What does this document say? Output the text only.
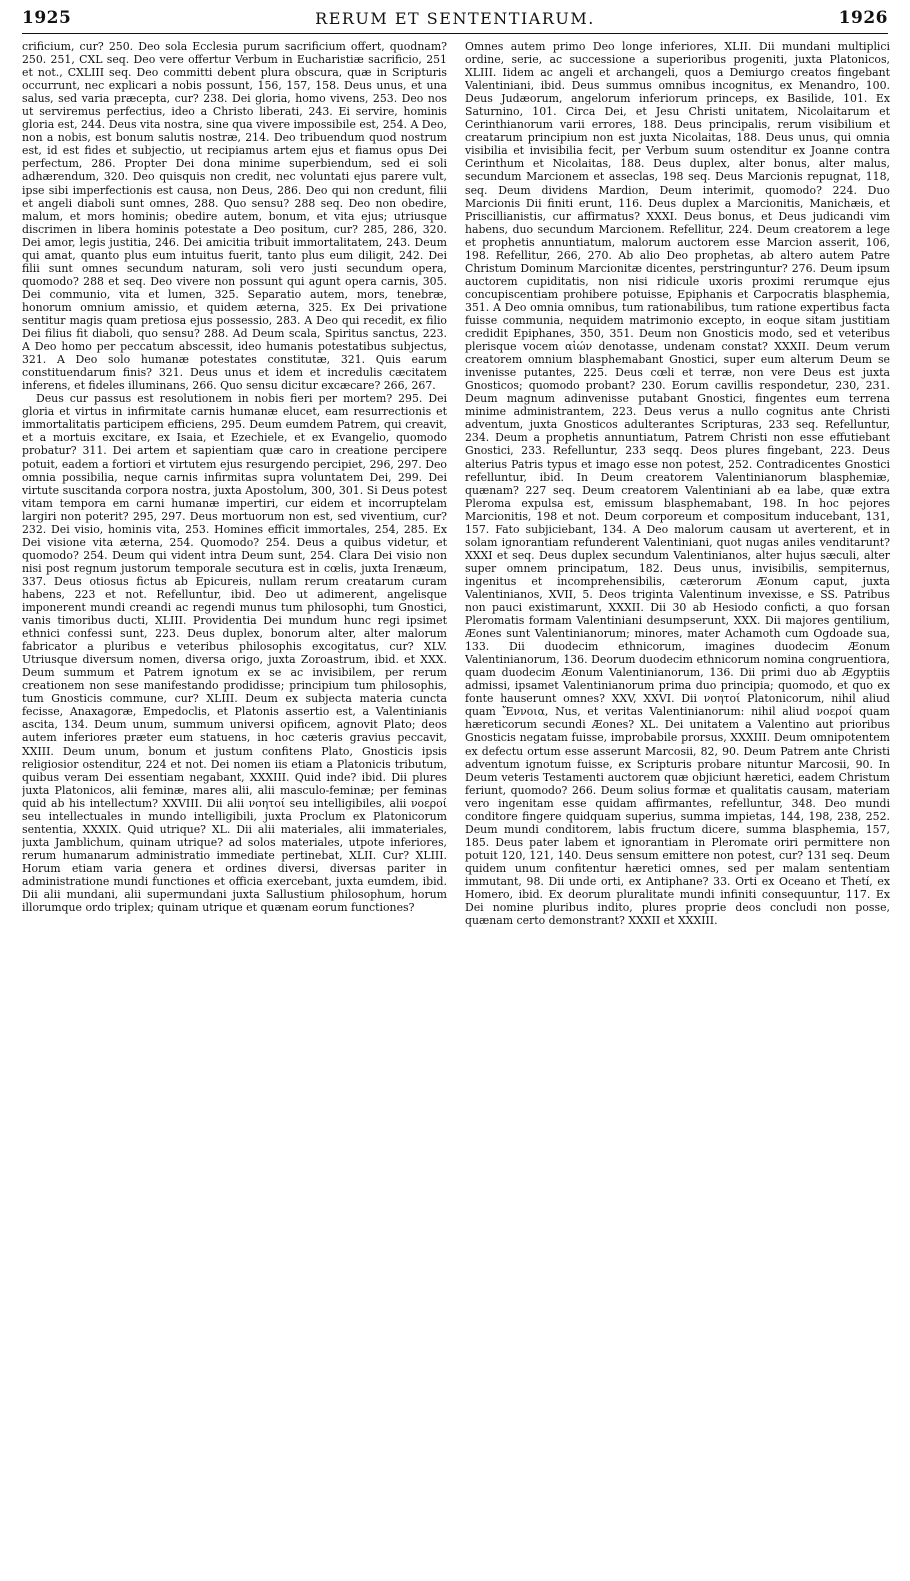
1925	RERUM ET SENTENTIARUM.	1926

crificium, cur? 250. Deo sola Ecclesia purum sacrificium offert, quodnam? 250. 251, CXL seq. Deo vere offertur Verbum in Eucharistiæ sacrificio, 251 et not., CXLIII seq. Deo committi debent plura obscura, quæ in Scripturis occurrunt, nec explicari a nobis possunt, 156, 157, 158. Deus unus, et una salus, sed varia præcepta, cur? 238. Dei gloria, homo vivens, 253. Deo nos ut serviremus perfectius, ideo a Christo liberati, 243. Ei servire, hominis gloria est, 244. Deus vita nostra, sine qua vivere impossibile est, 254. A Deo, non a nobis, est bonum salutis nostræ, 214. Deo tribuendum quod nostrum est, id est fides et subjectio, ut recipiamus artem ejus et fiamus opus Dei perfectum, 286. Propter Dei dona minime superbiendum, sed ei soli adhærendum, 320. Deo quisquis non credit, nec voluntati ejus parere vult, ipse sibi imperfectionis est causa, non Deus, 286. Deo qui non credunt, filii et angeli diaboli sunt omnes, 288. Quo sensu? 288 seq. Deo non obedire, malum, et mors hominis; obedire autem, bonum, et vita ejus; utriusque discrimen in libera hominis potestate a Deo positum, cur? 285, 286, 320. Dei amor, legis justitia, 246. Dei amicitia tribuit immortalitatem, 243. Deum qui amat, quanto plus eum intuitus fuerit, tanto plus eum diligit, 242. Dei filii sunt omnes secundum naturam, soli vero justi secundum opera, quomodo? 288 et seq. Deo vivere non possunt qui agunt opera carnis, 305. Dei communio, vita et lumen, 325. Separatio autem, mors, tenebræ, honorum omnium amissio, et quidem æterna, 325. Ex Dei privatione sentitur magis quam pretiosa ejus possessio, 283. A Deo qui recedit, ex filio Dei filius fit diaboli, quo sensu? 288. Ad Deum scala, Spiritus sanctus, 223. A Deo homo per peccatum abscessit, ideo humanis potestatibus subjectus, 321. A Deo solo humanæ potestates constitutæ, 321. Quis earum constituendarum finis? 321. Deus unus et idem et incredulis cæcitatem inferens, et fideles illuminans, 266. Quo sensu dicitur excæcare? 266, 267.

Deus cur passus est resolutionem in nobis fieri per mortem? 295. Dei gloria et virtus in infirmitate carnis humanæ elucet, eam resurrectionis et immortalitatis participem efficiens, 295. Deum eumdem Patrem, qui creavit, et a mortuis excitare, ex Isaia, et Ezechiele, et ex Evangelio, quomodo probatur? 311. Dei artem et sapientiam quæ caro in creatione percipere potuit, eadem a fortiori et virtutem ejus resurgendo percipiet, 296, 297. Deo omnia possibilia, neque carnis infirmitas supra voluntatem Dei, 299. Dei virtute suscitanda corpora nostra, juxta Apostolum, 300, 301. Si Deus potest vitam tempora em carni humanæ impertiri, cur eidem et incorruptelam largiri non poterit? 295, 297. Deus mortuorum non est, sed viventium, cur? 232. Dei visio, hominis vita, 253. Homines efficit immortales, 254, 285. Ex Dei visione vita æterna, 254. Quomodo? 254. Deus a quibus videtur, et quomodo? 254. Deum qui vident intra Deum sunt, 254. Clara Dei visio non nisi post regnum justorum temporale secutura est in cœlis, juxta Irenæum, 337. Deus otiosus fictus ab Epicureis, nullam rerum creatarum curam habens, 223 et not. Refelluntur, ibid. Deo ut adimerent, angelisque imponerent mundi creandi ac regendi munus tum philosophi, tum Gnostici, vanis timoribus ducti, XLIII. Providentia Dei mundum hunc regi ipsimet ethnici confessi sunt, 223. Deus duplex, bonorum alter, alter malorum fabricator a pluribus e veteribus philosophis excogitatus, cur? XLV. Utriusque diversum nomen, diversa origo, juxta Zoroastrum, ibid. et XXX. Deum summum et Patrem ignotum ex se ac invisibilem, per rerum creationem non sese manifestando prodidisse; principium tum philosophis, tum Gnosticis commune, cur? XLIII. Deum ex subjecta materia cuncta fecisse, Anaxagoræ, Empedoclis, et Platonis assertio est, a Valentinianis ascita, 134. Deum unum, summum universi opificem, agnovit Plato; deos autem inferiores præter eum statuens, in hoc cæteris gravius peccavit, XXIII. Deum unum, bonum et justum confitens Plato, Gnosticis ipsis religiosior ostenditur, 224 et not. Dei nomen iis etiam a Platonicis tributum, quibus veram Dei essentiam negabant, XXXIII. Quid inde? ibid. Dii plures juxta Platonicos, alii feminæ, mares alii, alii masculo-feminæ; per feminas quid ab his intellectum? XXVIII. Dii alii νοητοί seu intelligibiles, alii νοεροί seu intellectuales in mundo intelligibili, juxta Proclum ex Platonicorum sententia, XXXIX. Quid utrique? XL. Dii alii materiales, alii immateriales, juxta Jamblichum, quinam utrique? ad solos materiales, utpote inferiores, rerum humanarum administratio immediate pertinebat, XLII. Cur? XLIII. Horum etiam varia genera et ordines diversi, diversas pariter in administratione mundi functiones et officia exercebant, juxta eumdem, ibid. Dii alii mundani, alii supermundani juxta Sallustium philosophum, horum illorumque ordo triplex; quinam utrique et quænam eorum functiones?

Omnes autem primo Deo longe inferiores, XLII. Dii mundani multiplici ordine, serie, ac successione a superioribus progeniti, juxta Platonicos, XLIII. Iidem ac angeli et archangeli, quos a Demiurgo creatos fingebant Valentiniani, ibid. Deus summus omnibus incognitus, ex Menandro, 100. Deus Judæorum, angelorum inferiorum princeps, ex Basilide, 101. Ex Saturnino, 101. Circa Dei, et Jesu Christi unitatem, Nicolaitarum et Cerinthianorum varii errores, 188. Deus principalis, rerum visibilium et creatarum principium non est juxta Nicolaitas, 188. Deus unus, qui omnia visibilia et invisibilia fecit, per Verbum suum ostenditur ex Joanne contra Cerinthum et Nicolaitas, 188. Deus duplex, alter bonus, alter malus, secundum Marcionem et asseclas, 198 seq. Deus Marcionis repugnat, 118, seq. Deum dividens Mardion, Deum interimit, quomodo? 224. Duo Marcionis Dii finiti erunt, 116. Deus duplex a Marcionitis, Manichæis, et Priscillianistis, cur affirmatus? XXXI. Deus bonus, et Deus judicandi vim habens, duo secundum Marcionem. Refellitur, 224. Deum creatorem a lege et prophetis annuntiatum, malorum auctorem esse Marcion asserit, 106, 198. Refellitur, 266, 270. Ab alio Deo prophetas, ab altero autem Patre Christum Dominum Marcionitæ dicentes, perstringuntur? 276. Deum ipsum auctorem cupiditatis, non nisi ridicule uxoris proximi rerumque ejus concupiscentiam prohibere potuisse, Epiphanis et Carpocratis blasphemia, 351. A Deo omnia omnibus, tum rationabilibus, tum ratione expertibus facta fuisse communia, nequidem matrimonio excepto, in eoque sitam justitiam credidit Epiphanes, 350, 351. Deum non Gnosticis modo, sed et veteribus plerisque vocem αἰών denotasse, undenam constat? XXXII. Deum verum creatorem omnium blasphemabant Gnostici, super eum alterum Deum se invenisse putantes, 225. Deus cœli et terræ, non vere Deus est juxta Gnosticos; quomodo probant? 230. Eorum cavillis respondetur, 230, 231. Deum magnum adinvenisse putabant Gnostici, fingentes eum terrena minime administrantem, 223. Deus verus a nullo cognitus ante Christi adventum, juxta Gnosticos adulterantes Scripturas, 233 seq. Refelluntur, 234. Deum a prophetis annuntiatum, Patrem Christi non esse effutiebant Gnostici, 233. Refelluntur, 233 seqq. Deos plures fingebant, 223. Deus alterius Patris typus et imago esse non potest, 252. Contradicentes Gnostici refelluntur, ibid. In Deum creatorem Valentinianorum blasphemiæ, quænam? 227 seq. Deum creatorem Valentiniani ab ea labe, quæ extra Pleroma expulsa est, emissum blasphemabant, 198. In hoc pejores Marcionitis, 198 et not. Deum corporeum et compositum inducebant, 131, 157. Fato subjiciebant, 134. A Deo malorum causam ut averterent, et in solam ignorantiam refunderent Valentiniani, quot nugas aniles venditarunt? XXXI et seq. Deus duplex secundum Valentinianos, alter hujus sæculi, alter super omnem principatum, 182. Deus unus, invisibilis, sempiternus, ingenitus et incomprehensibilis, cæterorum Æonum caput, juxta Valentinianos, XVII, 5. Deos triginta Valentinum invexisse, e SS. Patribus non pauci existimarunt, XXXII. Dii 30 ab Hesiodo conficti, a quo forsan Pleromatis formam Valentiniani desumpserunt, XXX. Dii majores gentilium, Æones sunt Valentinianorum; minores, mater Achamoth cum Ogdoade sua, 133. Dii duodecim ethnicorum, imagines duodecim Æonum Valentinianorum, 136. Deorum duodecim ethnicorum nomina congruentiora, quam duodecim Æonum Valentinianorum, 136. Dii primi duo ab Ægyptiis admissi, ipsamet Valentinianorum prima duo principia; quomodo, et quo ex fonte hauserunt omnes? XXV, XXVI. Dii νοητοί Platonicorum, nihil aliud quam Ἔννοια, Nus, et veritas Valentinianorum: nihil aliud νοεροί quam hæreticorum secundi Æones? XL. Dei unitatem a Valentino aut prioribus Gnosticis negatam fuisse, improbabile prorsus, XXXIII. Deum omnipotentem ex defectu ortum esse asserunt Marcosii, 82, 90. Deum Patrem ante Christi adventum ignotum fuisse, ex Scripturis probare nituntur Marcosii, 90. In Deum veteris Testamenti auctorem quæ objiciunt hæretici, eadem Christum feriunt, quomodo? 266. Deum solius formæ et qualitatis causam, materiam vero ingenitam esse quidam affirmantes, refelluntur, 348. Deo mundi conditore fingere quidquam superius, summa impietas, 144, 198, 238, 252. Deum mundi conditorem, labis fructum dicere, summa blasphemia, 157, 185. Deus pater labem et ignorantiam in Pleromate oriri permittere non potuit 120, 121, 140. Deus sensum emittere non potest, cur? 131 seq. Deum quidem unum confitentur hæretici omnes, sed per malam sententiam immutant, 98. Dii unde orti, ex Antiphane? 33. Orti ex Oceano et Thetí, ex Homero, ibid. Ex deorum pluralitate mundi infiniti consequuntur, 117. Ex Dei nomine pluribus indito, plures proprie deos concludi non posse, quænam certo demonstrant? XXXII et XXXIII.
